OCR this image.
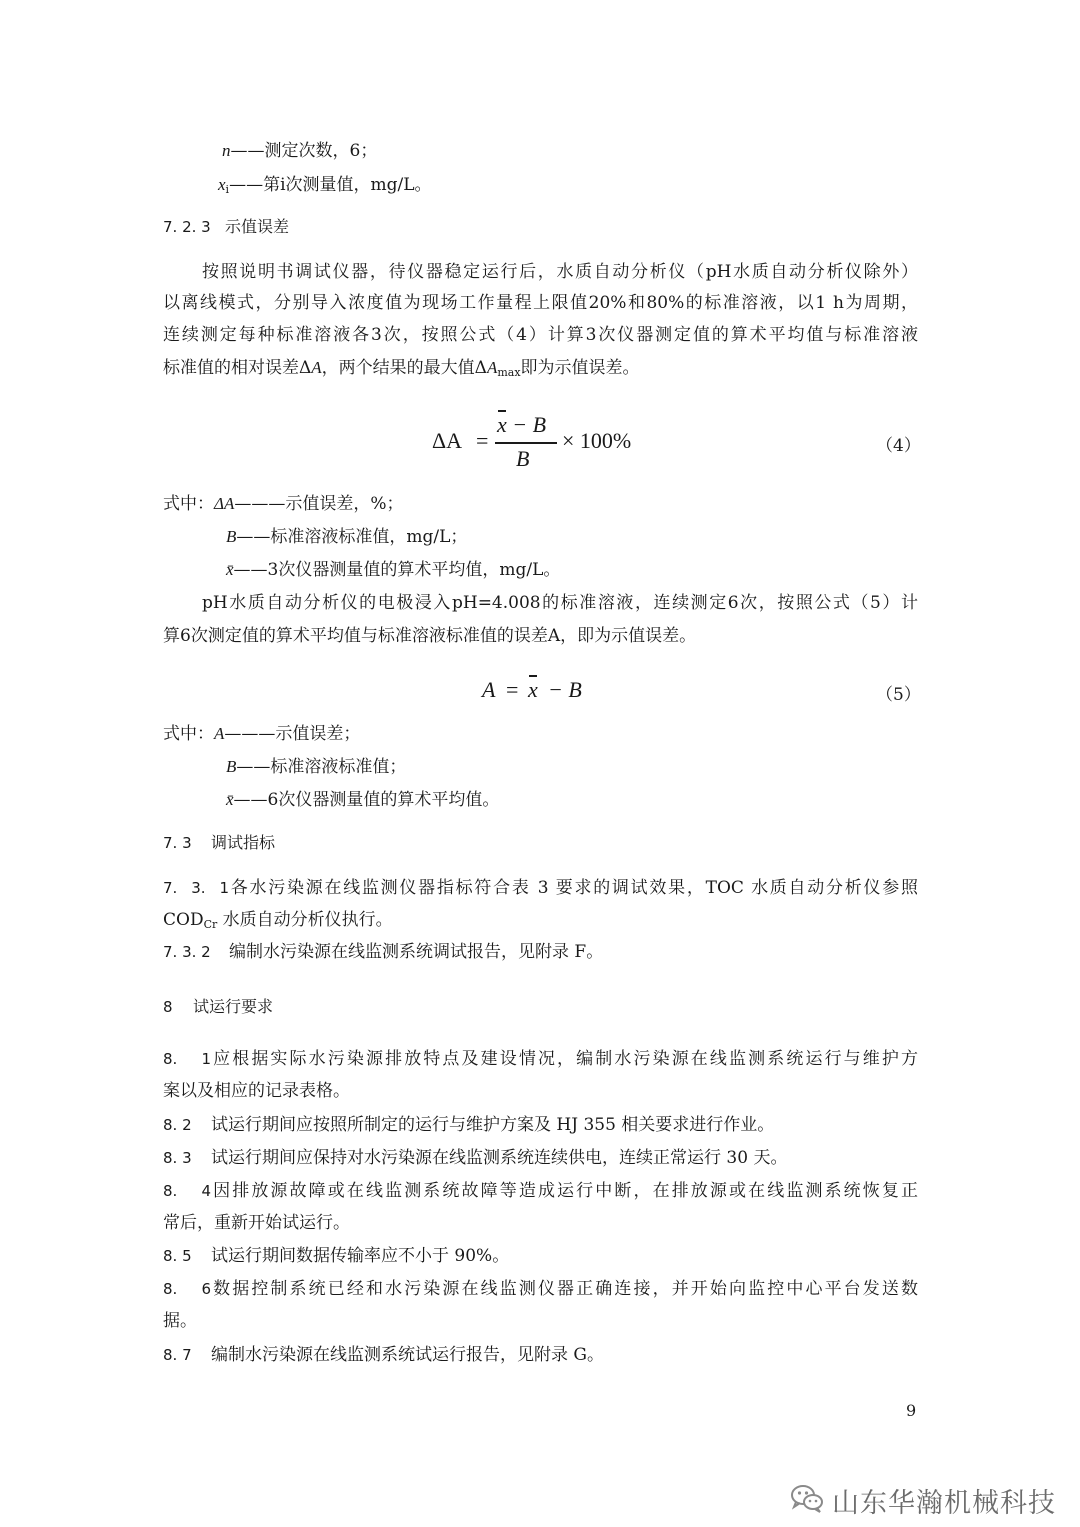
n——测定次数，6；
$x_i——$第i次测量值，mg/L。
7. 2. 3 示值误差
按照说明书调试仪器，待仪器稳定运行后，水质自动分析仪（pH水质自动分析仪除外）
以离线模式，分别导入浓度值为现场工作量程上限值20%和80%的标准溶液，以1 h为周期，
连续测定每种标准溶液各3次，按照公式（4）计算3次仪器测定值的算术平均值与标准溶液
标准值的相对误差ΔA，两个结果的最大值$\Delta A_{max}$即为示值误差。
ΔA =
x − B
B
× 100%	（4）
式中：ΔA———示值误差，%；
B——标准溶液标准值，mg/L；
x̄——3次仪器测量值的算术平均值，mg/L。
pH水质自动分析仪的电极浸入pH=4.008的标准溶液，连续测定6次，按照公式（5）计
算6次测定值的算术平均值与标准溶液标准值的误差A，即为示值误差。
A = x − B	（5）
式中：A———示值误差；
B——标准溶液标准值；
x̄——6次仪器测量值的算术平均值。
7. 3 调试指标
7. 3. 1各水污染源在线监测仪器指标符合表 3 要求的调试效果，TOC 水质自动分析仪参照
$COD_{Cr}$ 水质自动分析仪执行。
7. 3. 2 编制水污染源在线监测系统调试报告，见附录 F。
8 试运行要求
8. 1应根据实际水污染源排放特点及建设情况，编制水污染源在线监测系统运行与维护方
案以及相应的记录表格。
8. 2 试运行期间应按照所制定的运行与维护方案及 HJ 355 相关要求进行作业。
8. 3 试运行期间应保持对水污染源在线监测系统连续供电，连续正常运行 30 天。
8. 4因排放源故障或在线监测系统故障等造成运行中断，在排放源或在线监测系统恢复正
常后，重新开始试运行。
8. 5 试运行期间数据传输率应不小于 90%。
8. 6数据控制系统已经和水污染源在线监测仪器正确连接，并开始向监控中心平台发送数
据。
8. 7 编制水污染源在线监测系统试运行报告，见附录 G。
9
山东华瀚机械科技
